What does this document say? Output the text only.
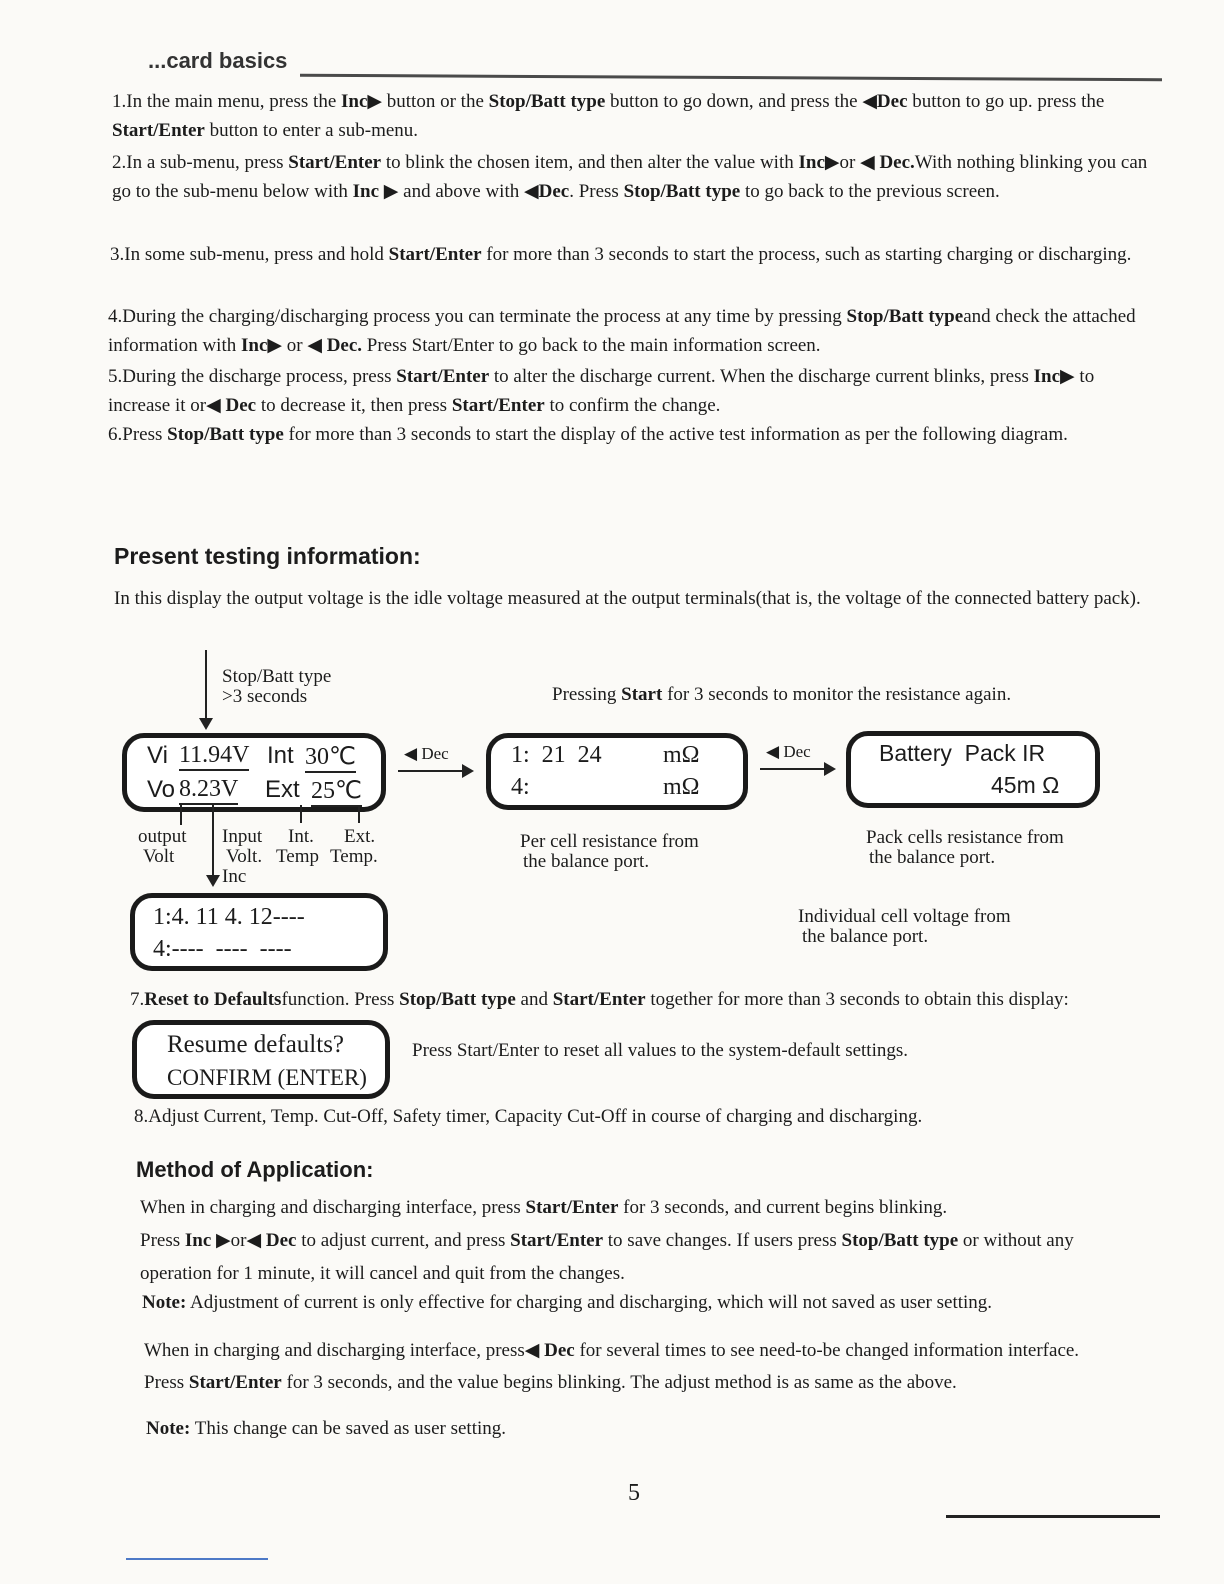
...card basics
1.In the main menu, press the Inc▶ button or the Stop/Batt type button to go down, and press the ◀Dec button to go up. press the Start/Enter button to enter a sub-menu.
2.In a sub-menu, press Start/Enter to blink the chosen item, and then alter the value with Inc▶or ◀ Dec.With nothing blinking you can go to the sub-menu below with Inc ▶ and above with ◀Dec. Press Stop/Batt type to go back to the previous screen.
3.In some sub-menu, press and hold Start/Enter for more than 3 seconds to start the process, such as starting charging or discharging.
4.During the charging/discharging process you can terminate the process at any time by pressing Stop/Batt typeand check the attached information with Inc▶ or ◀ Dec. Press Start/Enter to go back to the main information screen.
5.During the discharge process, press Start/Enter to alter the discharge current. When the discharge current blinks, press Inc▶ to increase it or◀ Dec to decrease it, then press Start/Enter to confirm the change.
6.Press Stop/Batt type for more than 3 seconds to start the display of the active test information as per the following diagram.
Present testing information:
In this display the output voltage is the idle voltage measured at the output terminals(that is, the voltage of the connected battery pack).
Stop/Batt type
>3 seconds	Pressing Start for 3 seconds to monitor the resistance again.
Vi 11.94V Int 30℃
Vo 8.23V Ext 25℃
output
Volt
Input
Volt.
Int.
Temp
Ext.
Temp.
Inc
◀ Dec	1:  21  24	mΩ
4:	mΩ
◀ Dec	Battery  Pack IR
45m Ω
Per cell resistance from
the balance port.
Pack cells resistance from
the balance port.
1:4. 11 4. 12----
4:----  ----  ----
Individual cell voltage from
the balance port.
7.Reset to Defaultsfunction. Press Stop/Batt type and Start/Enter together for more than 3 seconds to obtain this display:
Resume defaults?
CONFIRM (ENTER)
Press Start/Enter to reset all values to the system-default settings.
8.Adjust Current, Temp. Cut-Off, Safety timer, Capacity Cut-Off in course of charging and discharging.
Method of Application:
When in charging and discharging interface, press Start/Enter for 3 seconds, and current begins blinking.
Press Inc ▶or◀ Dec to adjust current, and press Start/Enter to save changes. If users press Stop/Batt type or without any operation for 1 minute, it will cancel and quit from the changes.
Note: Adjustment of current is only effective for charging and discharging, which will not saved as user setting.
When in charging and discharging interface, press◀ Dec for several times to see need-to-be changed information interface.
Press Start/Enter for 3 seconds, and the value begins blinking. The adjust method is as same as the above.
Note: This change can be saved as user setting.
5
